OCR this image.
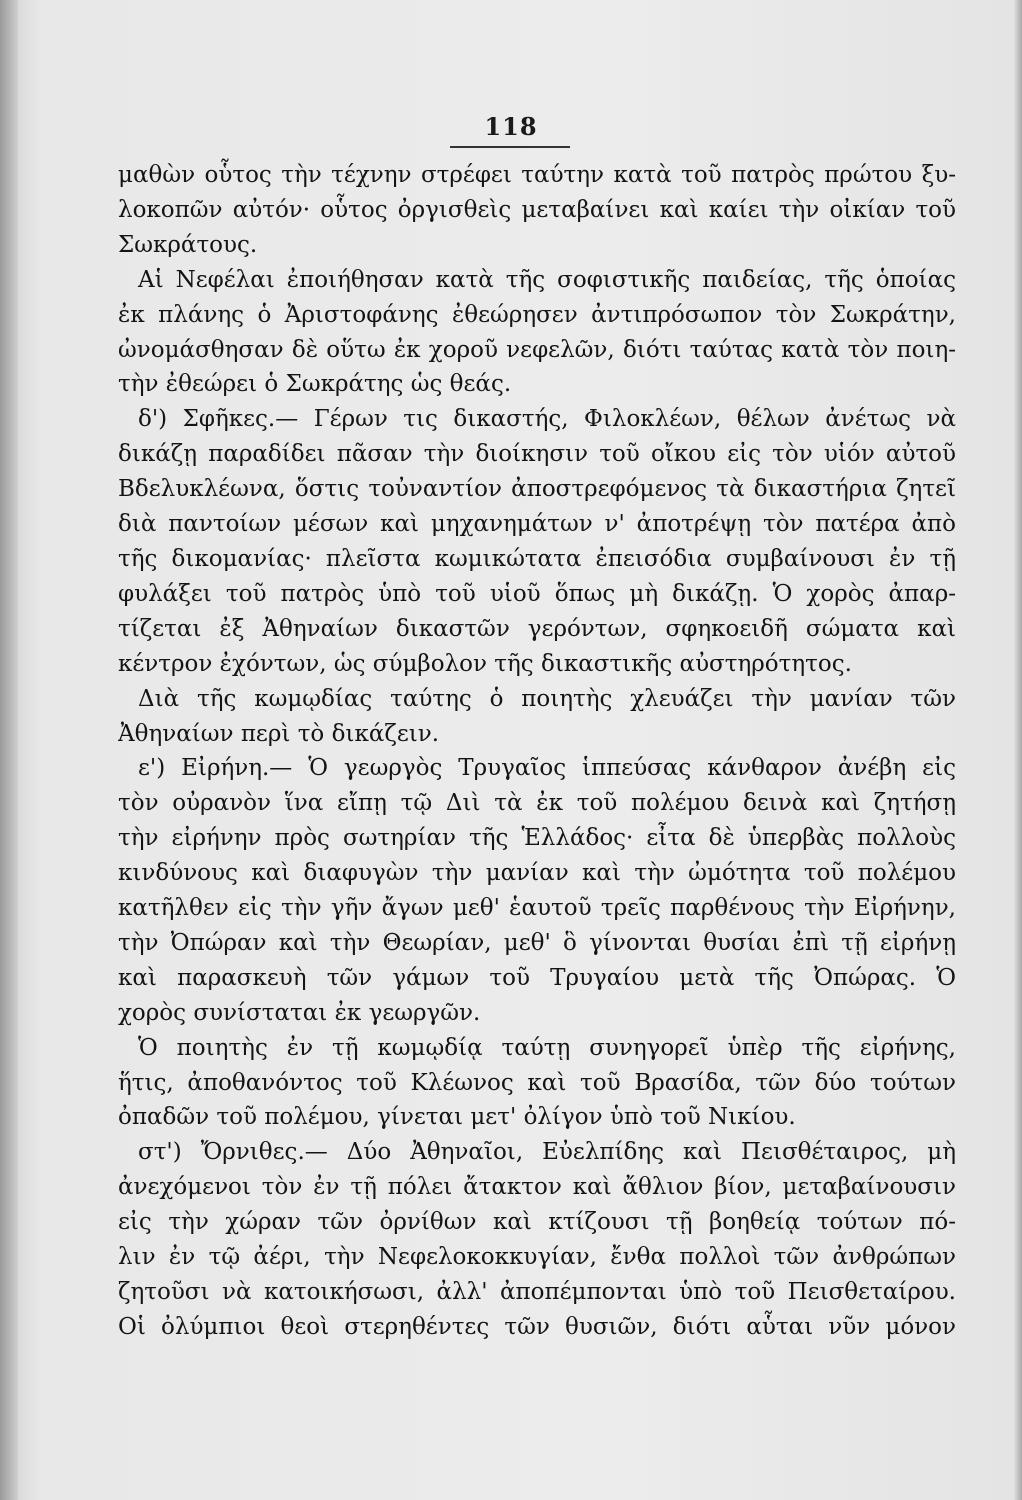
118
μαθὼν οὗτος τὴν τέχνην στρέφει ταύτην κατὰ τοῦ πατρὸς πρώτου ξυ-
λοκοπῶν αὐτόν· οὗτος ὀργισθεὶς μεταβαίνει καὶ καίει τὴν οἰκίαν τοῦ
Σωκράτους.
Αἱ Νεφέλαι ἐποιήθησαν κατὰ τῆς σοφιστικῆς παιδείας, τῆς ὁποίας
ἐκ πλάνης ὁ Ἀριστοφάνης ἐθεώρησεν ἀντιπρόσωπον τὸν Σωκράτην,
ὠνομάσθησαν δὲ οὕτω ἐκ χοροῦ νεφελῶν, διότι ταύτας κατὰ τὸν ποιη-
τὴν ἐθεώρει ὁ Σωκράτης ὡς θεάς.
δ') Σφῆκες.— Γέρων τις δικαστής, Φιλοκλέων, θέλων ἀνέτως νὰ
δικάζῃ παραδίδει πᾶσαν τὴν διοίκησιν τοῦ οἴκου εἰς τὸν υἱόν αὐτοῦ
Βδελυκλέωνα, ὅστις τοὐναντίον ἀποστρεφόμενος τὰ δικαστήρια ζητεῖ
διὰ παντοίων μέσων καὶ μηχανημάτων ν' ἀποτρέψῃ τὸν πατέρα ἀπὸ
τῆς δικομανίας· πλεῖστα κωμικώτατα ἐπεισόδια συμβαίνουσι ἐν τῇ
φυλάξει τοῦ πατρὸς ὑπὸ τοῦ υἱοῦ ὅπως μὴ δικάζῃ. Ὁ χορὸς ἀπαρ-
τίζεται ἐξ Ἀθηναίων δικαστῶν γερόντων, σφηκοειδῆ σώματα καὶ
κέντρον ἐχόντων, ὡς σύμβολον τῆς δικαστικῆς αὐστηρότητος.
Διὰ τῆς κωμῳδίας ταύτης ὁ ποιητὴς χλευάζει τὴν μανίαν τῶν
Ἀθηναίων περὶ τὸ δικάζειν.
ε') Εἰρήνη.— Ὁ γεωργὸς Τρυγαῖος ἱππεύσας κάνθαρον ἀνέβη εἰς
τὸν οὐρανὸν ἵνα εἴπῃ τῷ Διὶ τὰ ἐκ τοῦ πολέμου δεινὰ καὶ ζητήσῃ
τὴν εἰρήνην πρὸς σωτηρίαν τῆς Ἑλλάδος· εἶτα δὲ ὑπερβὰς πολλοὺς
κινδύνους καὶ διαφυγὼν τὴν μανίαν καὶ τὴν ὠμότητα τοῦ πολέμου
κατῆλθεν εἰς τὴν γῆν ἄγων μεθ' ἑαυτοῦ τρεῖς παρθένους τὴν Εἰρήνην,
τὴν Ὀπώραν καὶ τὴν Θεωρίαν, μεθ' ὃ γίνονται θυσίαι ἐπὶ τῇ εἰρήνῃ
καὶ παρασκευὴ τῶν γάμων τοῦ Τρυγαίου μετὰ τῆς Ὀπώρας. Ὁ
χορὸς συνίσταται ἐκ γεωργῶν.
Ὁ ποιητὴς ἐν τῇ κωμῳδίᾳ ταύτῃ συνηγορεῖ ὑπὲρ τῆς εἰρήνης,
ἥτις, ἀποθανόντος τοῦ Κλέωνος καὶ τοῦ Βρασίδα, τῶν δύο τούτων
ὀπαδῶν τοῦ πολέμου, γίνεται μετ' ὀλίγον ὑπὸ τοῦ Νικίου.
στ') Ὄρνιθες.— Δύο Ἀθηναῖοι, Εὐελπίδης καὶ Πεισθέταιρος, μὴ
ἀνεχόμενοι τὸν ἐν τῇ πόλει ἄτακτον καὶ ἄθλιον βίον, μεταβαίνουσιν
εἰς τὴν χώραν τῶν ὀρνίθων καὶ κτίζουσι τῇ βοηθείᾳ τούτων πό-
λιν ἐν τῷ ἀέρι, τὴν Νεφελοκοκκυγίαν, ἔνθα πολλοὶ τῶν ἀνθρώπων
ζητοῦσι νὰ κατοικήσωσι, ἀλλ' ἀποπέμπονται ὑπὸ τοῦ Πεισθεταίρου.
Οἱ ὀλύμπιοι θεοὶ στερηθέντες τῶν θυσιῶν, διότι αὗται νῦν μόνον
